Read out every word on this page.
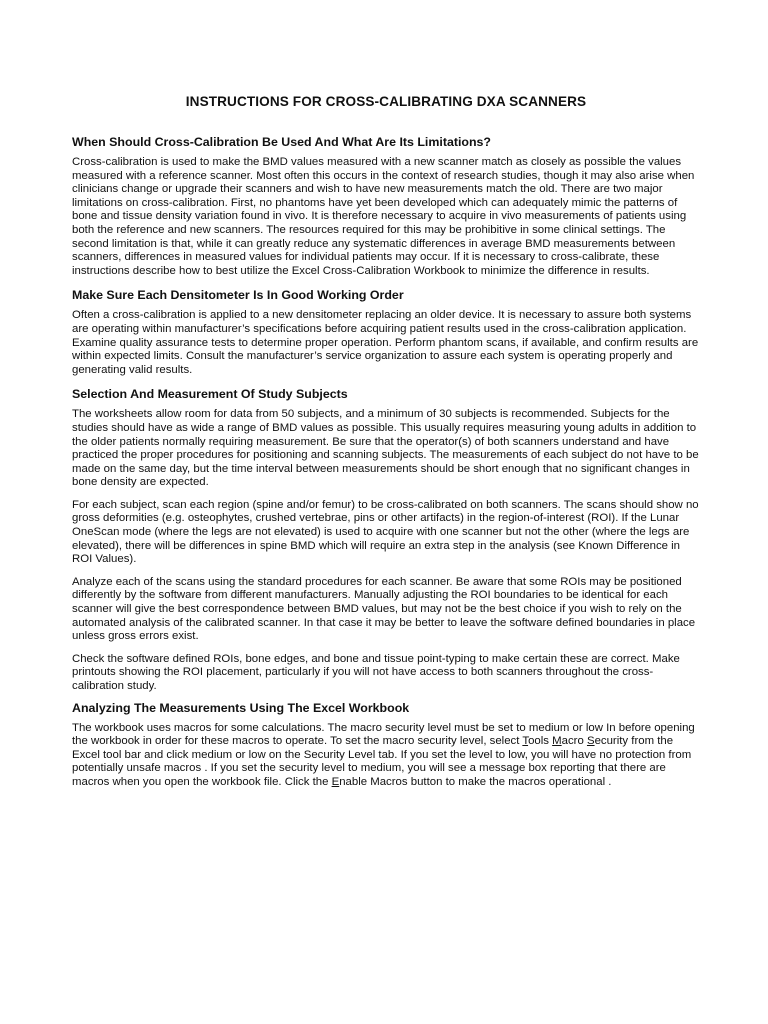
INSTRUCTIONS FOR CROSS-CALIBRATING DXA SCANNERS
When Should Cross-Calibration Be Used And What Are Its Limitations?

Cross-calibration is used to make the BMD values measured with a new scanner match as closely as possible the values measured with a reference scanner. Most often this occurs in the context of research studies, though it may also arise when clinicians change or upgrade their scanners and wish to have new measurements match the old. There are two major limitations on cross-calibration. First, no phantoms have yet been developed which can adequately mimic the patterns of bone and tissue density variation found in vivo. It is therefore necessary to acquire in vivo measurements of patients using both the reference and new scanners. The resources required for this may be prohibitive in some clinical settings. The second limitation is that, while it can greatly reduce any systematic differences in average BMD measurements between scanners, differences in measured values for individual patients may occur. If it is necessary to cross-calibrate, these instructions describe how to best utilize the Excel Cross-Calibration Workbook to minimize the difference in results.

Make Sure Each Densitometer Is In Good Working Order

Often a cross-calibration is applied to a new densitometer replacing an older device. It is necessary to assure both systems are operating within manufacturer’s specifications before acquiring patient results used in the cross-calibration application. Examine quality assurance tests to determine proper operation. Perform phantom scans, if available, and confirm results are within expected limits. Consult the manufacturer’s service organization to assure each system is operating properly and generating valid results.

Selection And Measurement Of Study Subjects

The worksheets allow room for data from 50 subjects, and a minimum of 30 subjects is recommended. Subjects for the studies should have as wide a range of BMD values as possible. This usually requires measuring young adults in addition to the older patients normally requiring measurement. Be sure that the operator(s) of both scanners understand and have practiced the proper procedures for positioning and scanning subjects. The measurements of each subject do not have to be made on the same day, but the time interval between measurements should be short enough that no significant changes in bone density are expected.

For each subject, scan each region (spine and/or femur) to be cross-calibrated on both scanners. The scans should show no gross deformities (e.g. osteophytes, crushed vertebrae, pins or other artifacts) in the region-of-interest (ROI). If the Lunar OneScan mode (where the legs are not elevated) is used to acquire with one scanner but not the other (where the legs are elevated), there will be differences in spine BMD which will require an extra step in the analysis (see Known Difference in ROI Values).

Analyze each of the scans using the standard procedures for each scanner. Be aware that some ROIs may be positioned differently by the software from different manufacturers. Manually adjusting the ROI boundaries to be identical for each scanner will give the best correspondence between BMD values, but may not be the best choice if you wish to rely on the automated analysis of the calibrated scanner. In that case it may be better to leave the software defined boundaries in place unless gross errors exist.

Check the software defined ROIs, bone edges, and bone and tissue point-typing to make certain these are correct. Make printouts showing the ROI placement, particularly if you will not have access to both scanners throughout the cross-calibration study.

Analyzing The Measurements Using The Excel Workbook

The workbook uses macros for some calculations. The macro security level must be set to medium or low In before opening the workbook in order for these macros to operate. To set the macro security level, select Tools Macro Security from the Excel tool bar and click medium or low on the Security Level tab. If you set the level to low, you will have no protection from potentially unsafe macros . If you set the security level to medium, you will see a message box reporting that there are macros when you open the workbook file. Click the Enable Macros button to make the macros operational .
